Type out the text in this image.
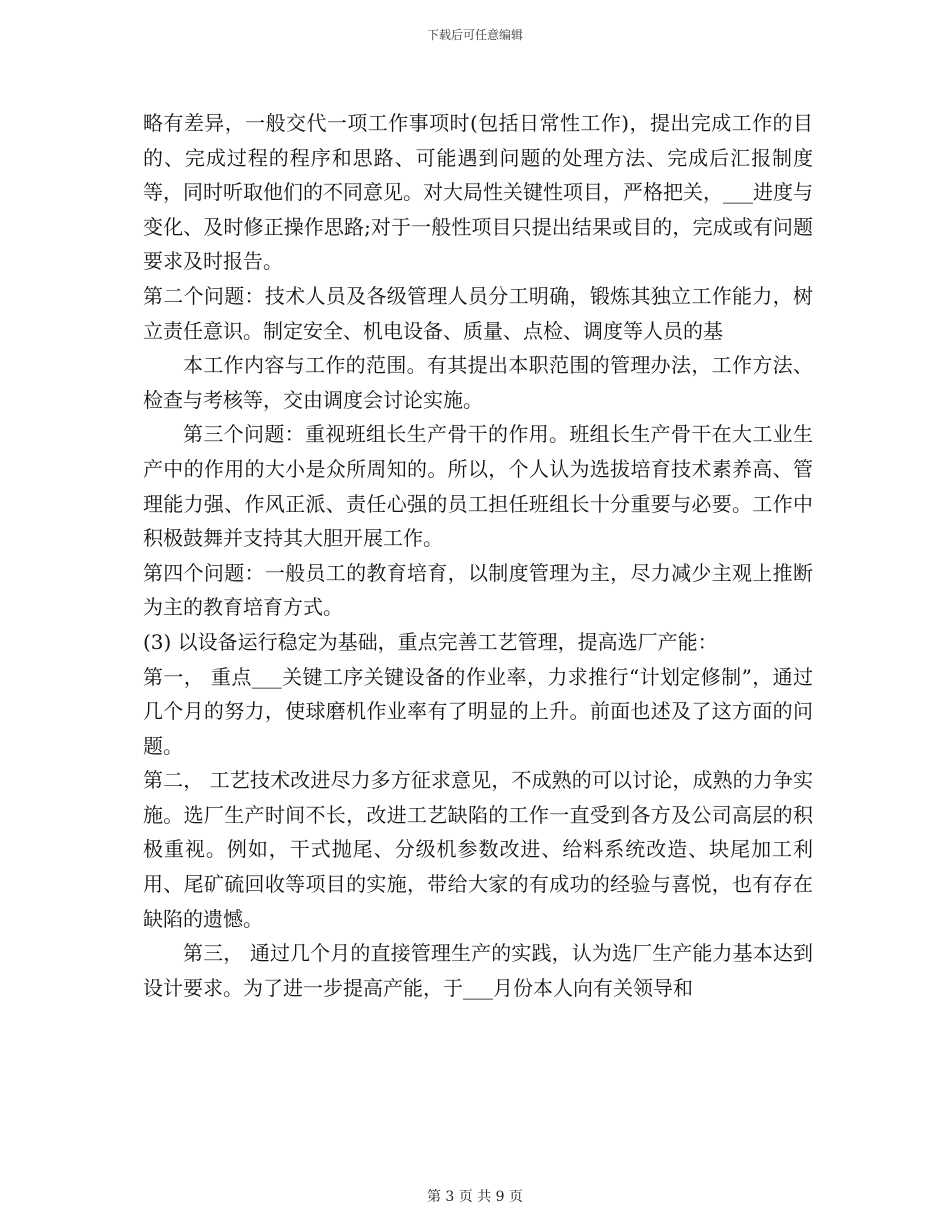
下载后可任意编辑

略有差异，一般交代一项工作事项时(包括日常性工作)，提出完成工作的目的、完成过程的程序和思路、可能遇到问题的处理方法、完成后汇报制度等，同时听取他们的不同意见。对大局性关键性项目，严格把关，___进度与变化、及时修正操作思路;对于一般性项目只提出结果或目的，完成或有问题要求及时报告。

第二个问题：技术人员及各级管理人员分工明确，锻炼其独立工作能力，树立责任意识。制定安全、机电设备、质量、点检、调度等人员的基

本工作内容与工作的范围。有其提出本职范围的管理办法，工作方法、检查与考核等，交由调度会讨论实施。

第三个问题：重视班组长生产骨干的作用。班组长生产骨干在大工业生产中的作用的大小是众所周知的。所以，个人认为选拔培育技术素养高、管理能力强、作风正派、责任心强的员工担任班组长十分重要与必要。工作中积极鼓舞并支持其大胆开展工作。

第四个问题：一般员工的教育培育，以制度管理为主，尽力减少主观上推断为主的教育培育方式。

(3) 以设备运行稳定为基础，重点完善工艺管理，提高选厂产能：

第一， 重点___关键工序关键设备的作业率，力求推行“计划定修制”，通过几个月的努力，使球磨机作业率有了明显的上升。前面也述及了这方面的问题。

第二， 工艺技术改进尽力多方征求意见，不成熟的可以讨论，成熟的力争实施。选厂生产时间不长，改进工艺缺陷的工作一直受到各方及公司高层的积极重视。例如，干式抛尾、分级机参数改进、给料系统改造、块尾加工利用、尾矿硫回收等项目的实施，带给大家的有成功的经验与喜悦，也有存在缺陷的遗憾。

第三， 通过几个月的直接管理生产的实践，认为选厂生产能力基本达到设计要求。为了进一步提高产能，于___月份本人向有关领导和

第 3 页 共 9 页
